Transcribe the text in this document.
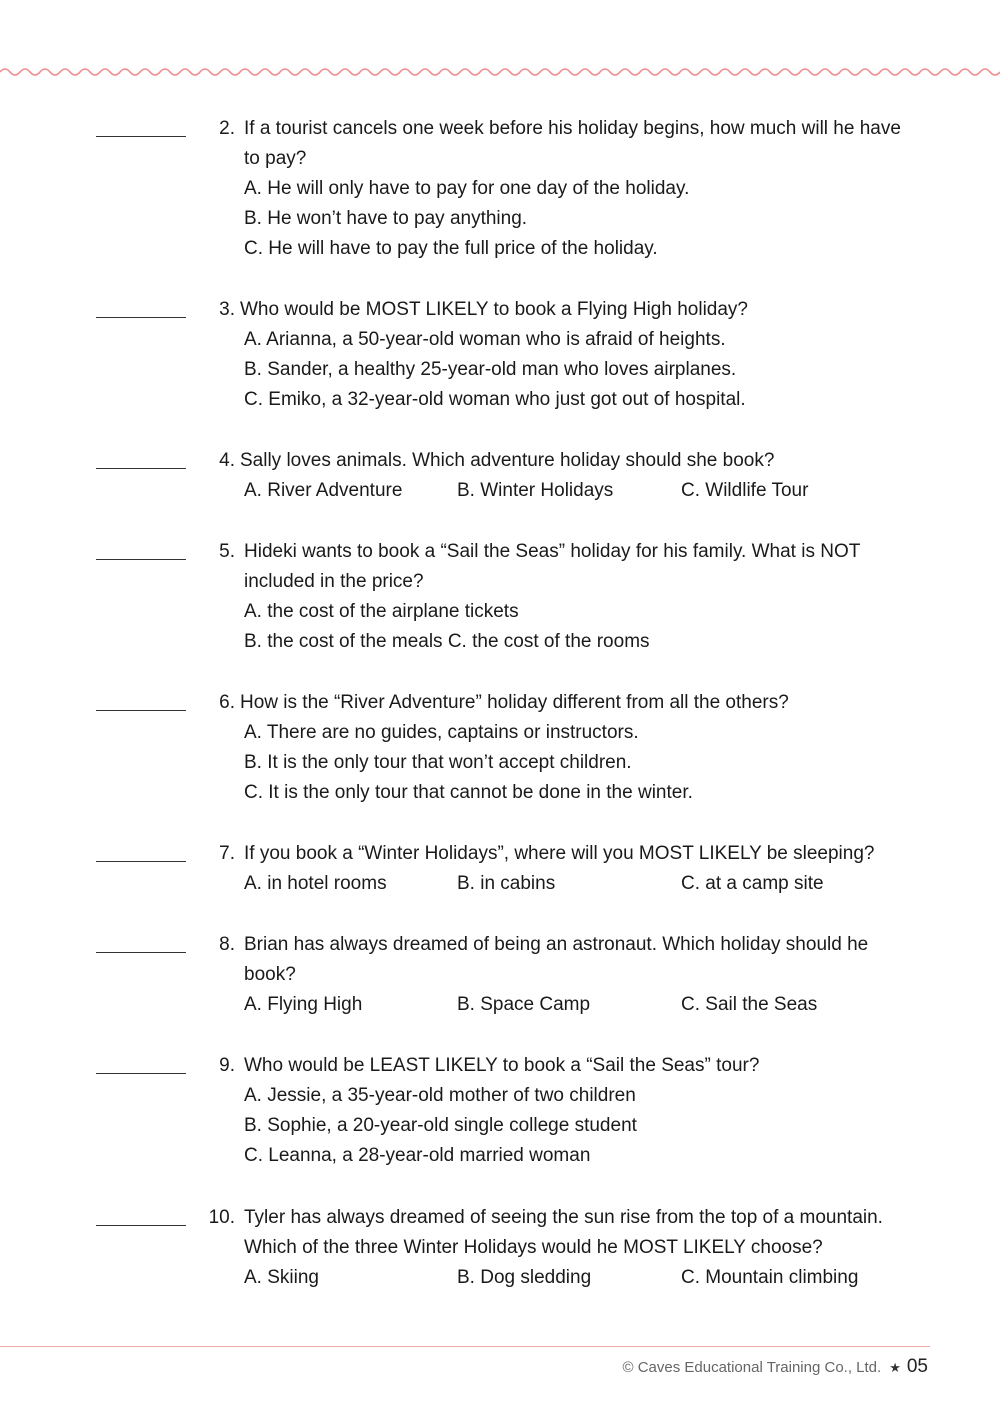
2. If a tourist cancels one week before his holiday begins, how much will he have
to pay?
A. He will only have to pay for one day of the holiday.
B. He won’t have to pay anything.
C. He will have to pay the full price of the holiday.
3. Who would be MOST LIKELY to book a Flying High holiday?
A. Arianna, a 50-year-old woman who is afraid of heights.
B. Sander, a healthy 25-year-old man who loves airplanes.
C. Emiko, a 32-year-old woman who just got out of hospital.
4. Sally loves animals. Which adventure holiday should she book?
A. River Adventure	B. Winter Holidays	C. Wildlife Tour
5. Hideki wants to book a “Sail the Seas” holiday for his family. What is NOT
included in the price?
A. the cost of the airplane tickets
B. the cost of the meals C. the cost of the rooms
6. How is the “River Adventure” holiday different from all the others?
A. There are no guides, captains or instructors.
B. It is the only tour that won’t accept children.
C. It is the only tour that cannot be done in the winter.
7. If you book a “Winter Holidays”, where will you MOST LIKELY be sleeping?
A. in hotel rooms	B. in cabins	C. at a camp site
8. Brian has always dreamed of being an astronaut. Which holiday should he
book?
A. Flying High	B. Space Camp	C. Sail the Seas
9. Who would be LEAST LIKELY to book a “Sail the Seas” tour?
A. Jessie, a 35-year-old mother of two children
B. Sophie, a 20-year-old single college student
C. Leanna, a 28-year-old married woman
10. Tyler has always dreamed of seeing the sun rise from the top of a mountain.
Which of the three Winter Holidays would he MOST LIKELY choose?
A. Skiing	B. Dog sledding	C. Mountain climbing
© Caves Educational Training Co., Ltd. ★ 05
